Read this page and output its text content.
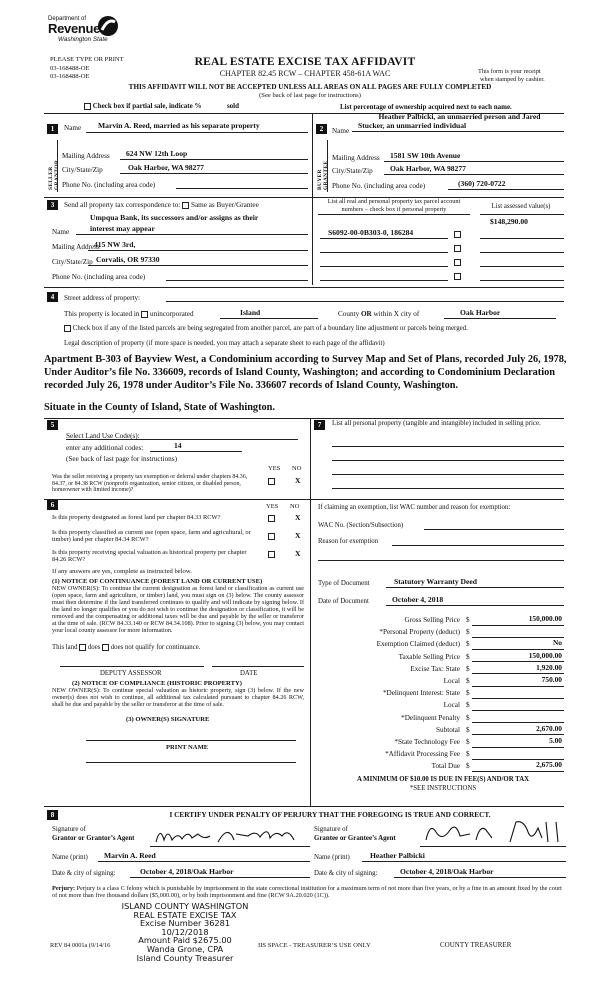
Department of
Revenue
Washington State
PLEASE TYPE OR PRINT
03-168488-OE
03-168488-OE
REAL ESTATE EXCISE TAX AFFIDAVIT
CHAPTER 82.45 RCW – CHAPTER 458-61A WAC	This form is your receipt
when stamped by cashier.
THIS AFFIDAVIT WILL NOT BE ACCEPTED UNLESS ALL AREAS ON ALL PAGES ARE FULLY COMPLETED
(See back of last page for instructions)
Check box if partial sale, indicate %	sold	List percentage of ownership acquired next to each name.
1	Name Marvin A. Reed, married as his separate property
SELLER GRANTOR
Mailing Address 624 NW 12th Loop
City/State/Zip	Oak Harbor, WA 98277
Phone No. (including area code)
Heather Palbicki, an unmarried person and Jared
2	Name
Stucker, an unmarried individual
BUYER GRANTEE
Mailing Address 1581 SW 10th Avenue
City/State/Zip Oak Harbor, WA 98277
Phone No. (including area code)	(360) 720-0722
3	Send all property tax correspondence to: Same as Buyer/Grantee
Umpqua Bank, its successors and/or assigns as their
Name	interest may appear
Mailing Address
415 NW 3rd,
City/State/Zip Corvalis, OR 97330
Phone No. (including area code)
List all real and personal property tax parcel account
numbers – check box if personal property	List assessed value(s)
$148,290.00
S6092-00-0B303-0, 186284
4	Street address of property:
This property is located in unincorporated	Island	County OR within X city of	Oak Harbor
Check box if any of the listed parcels are being segregated from another parcel, are part of a boundary line adjustment or parcels being merged.
Legal description of property (if more space is needed, you may attach a separate sheet to each page of the affidavit)
Apartment B-303 of Bayview West, a Condominium according to Survey Map and Set of Plans, recorded July 26, 1978, Under Auditor’s file No. 336609, records of Island County, Washington; and according to Condominium Declaration recorded July 26, 1978 under Auditor’s File No. 336607 records of Island County, Washington.
Situate in the County of Island, State of Washington.
5
Select Land Use Code(s):
enter any additional codes:	14
(See back of last page for instructions)
YES NO
Was the seller receiving a property tax exemption or deferral under chapters 84.36, 84.37, or 84.38 RCW (nonprofit organization, senior citizen, or disabled person, homeowner with limited income)?
X
6	YES NO
Is this property designated as forest land per chapter 84.33 RCW?	X
Is this property classified as current use (open space, farm and agricultural, or timber) land per chapter 84.34 RCW?	X
Is this property receiving special valuation as historical property per chapter 84.26 RCW?
X
If any answers are yes, complete as instructed below.
(1) NOTICE OF CONTINUANCE (FOREST LAND OR CURRENT USE)
NEW OWNER(S): To continue the current designation as forest land or classification as current use (open space, farm and agriculture, or timber) land, you must sign on (3) below. The county assessor must then determine if the land transferred continues to qualify and will indicate by signing below. If the land no longer qualifies or you do not wish to continue the designation or classification, it will be removed and the compensating or additional taxes will be due and payable by the seller or transferor at the time of sale. (RCW 84.33.140 or RCW 84.34.108). Prior to signing (3) below, you may contact your local county assessor for more information.
This land does does not qualify for continuance.
DEPUTY ASSESSOR	DATE
(2) NOTICE OF COMPLIANCE (HISTORIC PROPERTY)
NEW OWNER(S): To continue special valuation as historic property, sign (3) below. If the new owner(s) does not wish to continue, all additional tax calculated pursuant to chapter 84.26 RCW, shall be due and payable by the seller or transferor at the time of sale.
(3) OWNER(S) SIGNATURE
PRINT NAME
7	List all personal property (tangible and intangible) included in selling price.
If claiming an exemption, list WAC number and reason for exemption:
WAC No. (Section/Subsection)
Reason for exemption
Type of Document	Statutory Warranty Deed
Date of Document	October 4, 2018
Gross Selling Price $	150,000.00
*Personal Property (deduct) $
Exemption Claimed (deduct) $	No
Taxable Selling Price $	150,000.00
Excise Tax: State $	1,920.00
Local $	750.00
*Delinquent Interest: State $
Local $
*Delinquent Penalty $
Subtotal $	2,670.00
*State Technology Fee $	5.00
*Affidavit Processing Fee $
Total Due $	2,675.00
A MINIMUM OF $10.00 IS DUE IN FEE(S) AND/OR TAX
*SEE INSTRUCTIONS
8	I CERTIFY UNDER PENALTY OF PERJURY THAT THE FOREGOING IS TRUE AND CORRECT.
Signature of
Grantor or Grantor’s Agent
Signature of
Grantee or Grantee’s Agent
Name (print) Marvin A. Reed	Name (print)	Heather Palbicki
Date & city of signing:	October 4, 2018/Oak Harbor	Date & city of signing:	October 4, 2018/Oak Harbor
Perjury: Perjury is a class C felony which is punishable by imprisonment in the state correctional institution for a maximum term of not more than five years, or by a fine in an amount fixed by the court of not more than five thousand dollars ($5,000.00), or by both imprisonment and fine (RCW 9A.20.020 (1C)).
ISLAND COUNTY WASHINGTON
REAL ESTATE EXCISE TAX
Excise Number 36281
10/12/2018
Amount Paid $2675.00
Wanda Grone, CPA
Island County Treasurer
REV 84 0001a (9/14/16	IIS SPACE - TREASURER’S USE ONLY	COUNTY TREASURER
